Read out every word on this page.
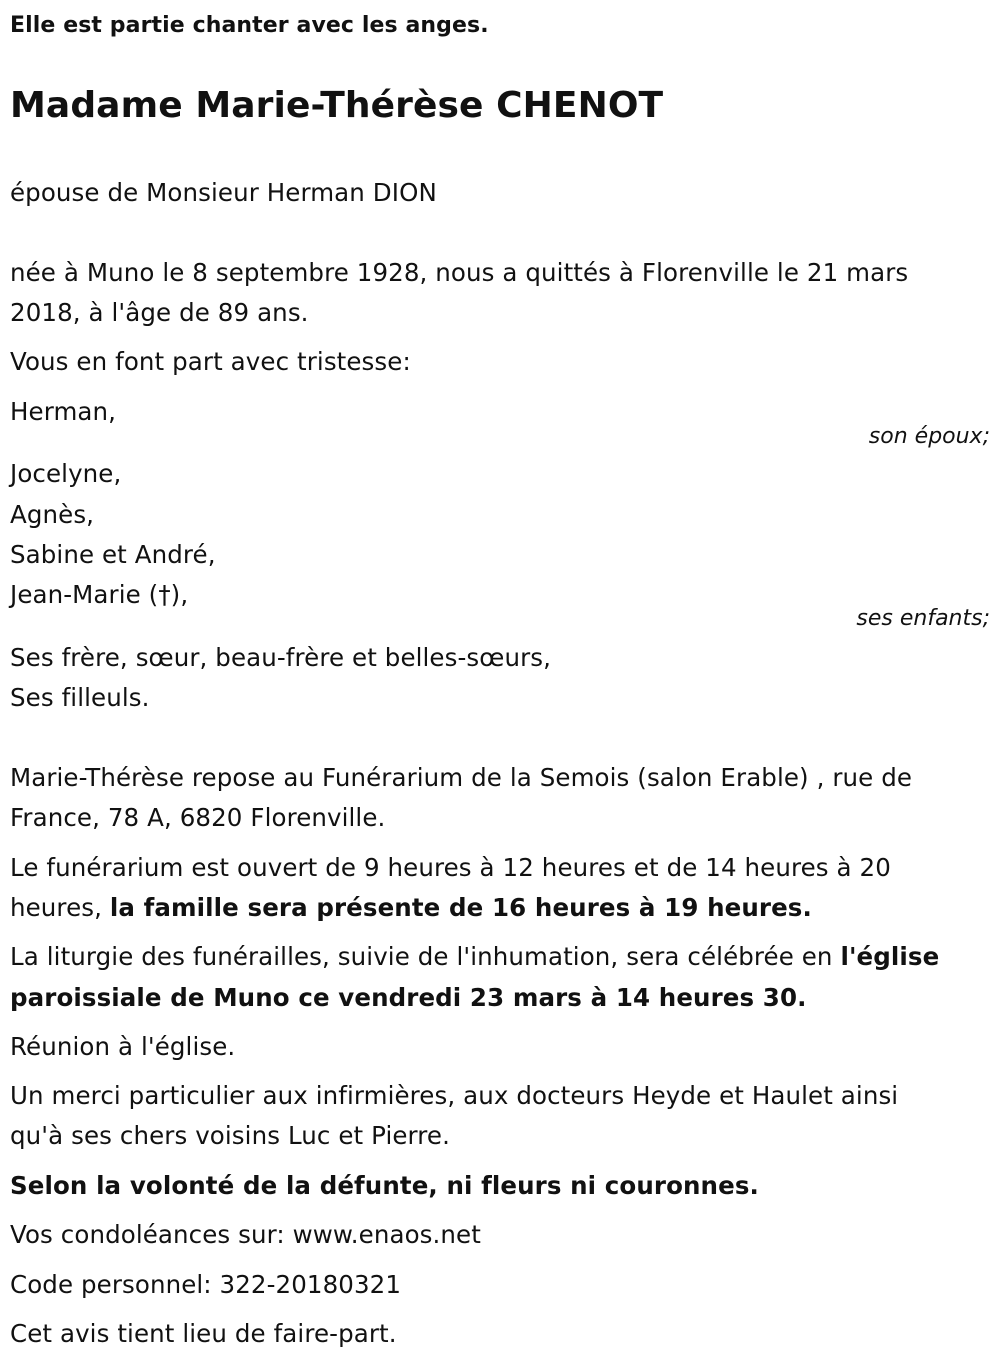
Elle est partie chanter avec les anges.
Madame Marie-Thérèse CHENOT
épouse de Monsieur Herman DION
née à Muno le 8 septembre 1928, nous a quittés à Florenville le 21 mars
2018, à l'âge de 89 ans.
Vous en font part avec tristesse:
Herman,
son époux;
Jocelyne,
Agnès,
Sabine et André,
Jean-Marie (†),
ses enfants;
Ses frère, sœur, beau-frère et belles-sœurs,
Ses filleuls.
Marie-Thérèse repose au Funérarium de la Semois (salon Erable) , rue de
France, 78 A, 6820 Florenville.
Le funérarium est ouvert de 9 heures à 12 heures et de 14 heures à 20
heures, la famille sera présente de 16 heures à 19 heures.
La liturgie des funérailles, suivie de l'inhumation, sera célébrée en l'église
paroissiale de Muno ce vendredi 23 mars à 14 heures 30.
Réunion à l'église.
Un merci particulier aux infirmières, aux docteurs Heyde et Haulet ainsi
qu'à ses chers voisins Luc et Pierre.
Selon la volonté de la défunte, ni fleurs ni couronnes.
Vos condoléances sur: www.enaos.net
Code personnel: 322-20180321
Cet avis tient lieu de faire-part.
